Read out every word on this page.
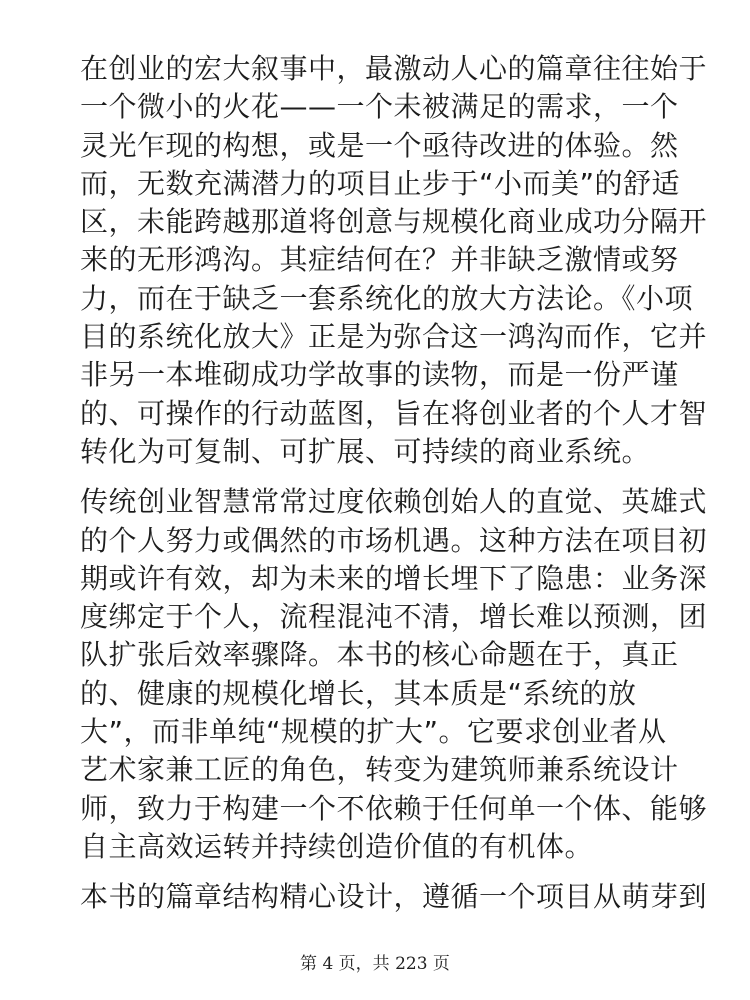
在创业的宏大叙事中，最激动人心的篇章往往始于
一个微小的火花——一个未被满足的需求，一个
灵光乍现的构想，或是一个亟待改进的体验。然
而，无数充满潜力的项目止步于“小而美”的舒适
区，未能跨越那道将创意与规模化商业成功分隔开
来的无形鸿沟。其症结何在？并非缺乏激情或努
力，而在于缺乏一套系统化的放大方法论。《小项
目的系统化放大》正是为弥合这一鸿沟而作，它并
非另一本堆砌成功学故事的读物，而是一份严谨
的、可操作的行动蓝图，旨在将创业者的个人才智
转化为可复制、可扩展、可持续的商业系统。
传统创业智慧常常过度依赖创始人的直觉、英雄式
的个人努力或偶然的市场机遇。这种方法在项目初
期或许有效，却为未来的增长埋下了隐患：业务深
度绑定于个人，流程混沌不清，增长难以预测，团
队扩张后效率骤降。本书的核心命题在于，真正
的、健康的规模化增长，其本质是“系统的放
大”，而非单纯“规模的扩大”。它要求创业者从
艺术家兼工匠的角色，转变为建筑师兼系统设计
师，致力于构建一个不依赖于任何单一个体、能够
自主高效运转并持续创造价值的有机体。
本书的篇章结构精心设计，遵循一个项目从萌芽到
第 4 页，共 223 页
